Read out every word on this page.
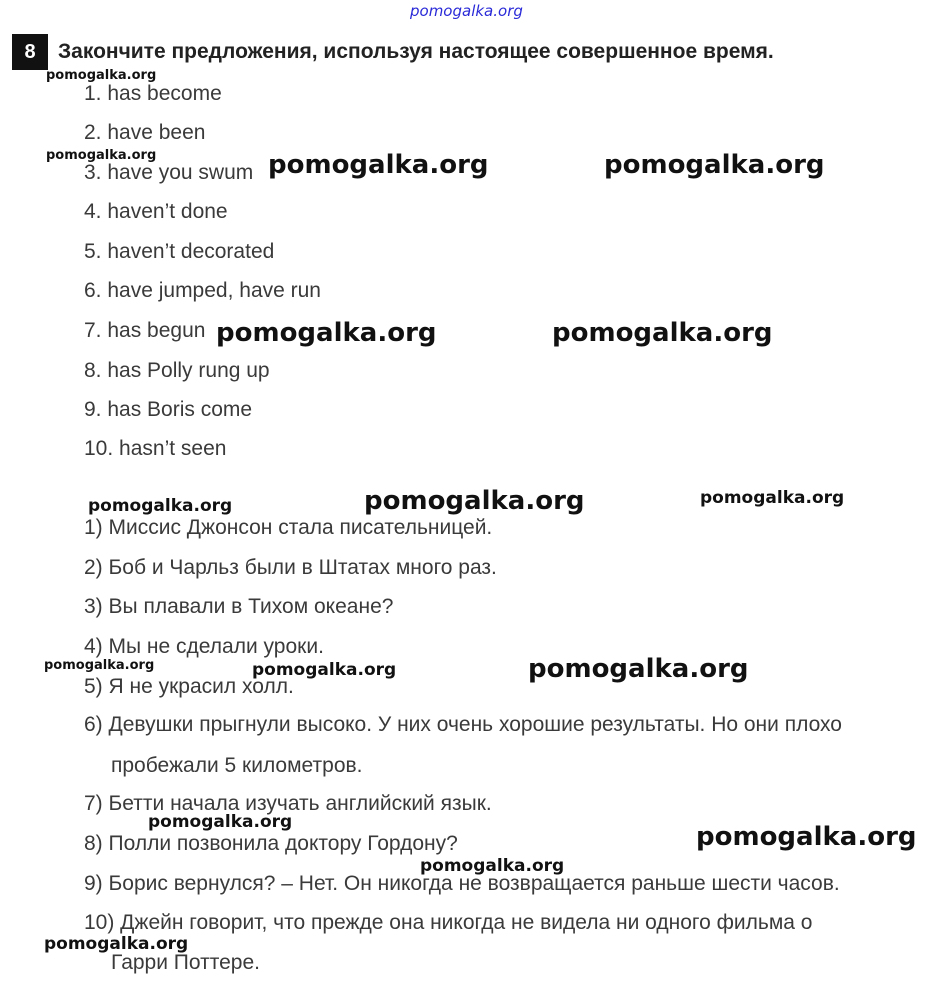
pomogalka.org
8	Закончите предложения, используя настоящее совершенное время.
pomogalka.org
1. has become
2. have been
pomogalka.org
3. have you swum pomogalka.org	pomogalka.org
4. haven’t done
5. haven’t decorated
6. have jumped, have run
7. has begun pomogalka.org	pomogalka.org
8. has Polly rung up
9. has Boris come
10. hasn’t seen
pomogalka.org	pomogalka.org	pomogalka.org
1) Миссис Джонсон стала писательницей.
2) Боб и Чарльз были в Штатах много раз.
3) Вы плавали в Тихом океане?
4) Мы не сделали уроки.
pomogalka.org	pomogalka.org	pomogalka.org
5) Я не украсил холл.
6) Девушки прыгнули высоко. У них очень хорошие результаты. Но они плохо
пробежали 5 километров.
7) Бетти начала изучать английский язык.
pomogalka.org
8) Полли позвонила доктору Гордону?	pomogalka.org
pomogalka.org
9) Борис вернулся? – Нет. Он никогда не возвращается раньше шести часов.
10) Джейн говорит, что прежде она никогда не видела ни одного фильма о
pomogalka.org
Гарри Поттере.
